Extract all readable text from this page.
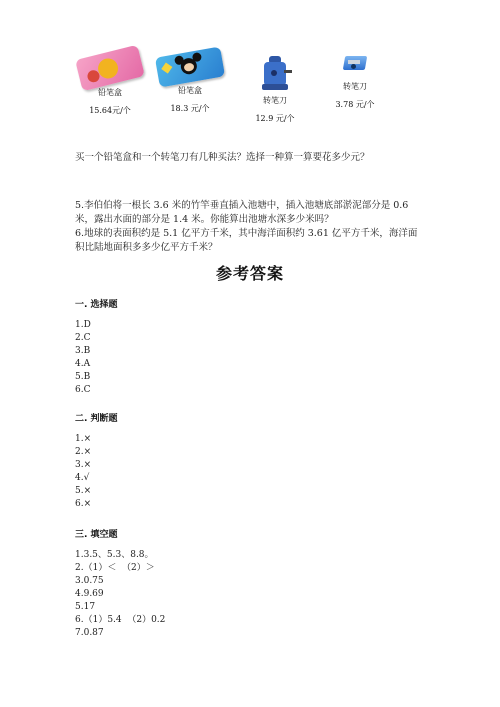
铅笔盒
15.64元/个
铅笔盒
18.3 元/个
转笔刀
12.9 元/个
转笔刀
3.78 元/个
买一个铅笔盒和一个转笔刀有几种买法？选择一种算一算要花多少元？

5.李伯伯将一根长 3.6 米的竹竿垂直插入池塘中，插入池塘底部淤泥部分是 0.6 米，露出水面的部分是 1.4 米。你能算出池塘水深多少米吗？

6.地球的表面积约是 5.1 亿平方千米，其中海洋面积约 3.61 亿平方千米，海洋面积比陆地面积多多少亿平方千米？

参考答案
一. 选择题
1.D
2.C
3.B
4.A
5.B
6.C
二. 判断题
1.×
2.×
3.×
4.√
5.×
6.×
三. 填空题
1.3.5、5.3、8.8。
2.（1）＜  （2）＞
3.0.75
4.9.69
5.17
6.（1）5.4  （2）0.2
7.0.87
